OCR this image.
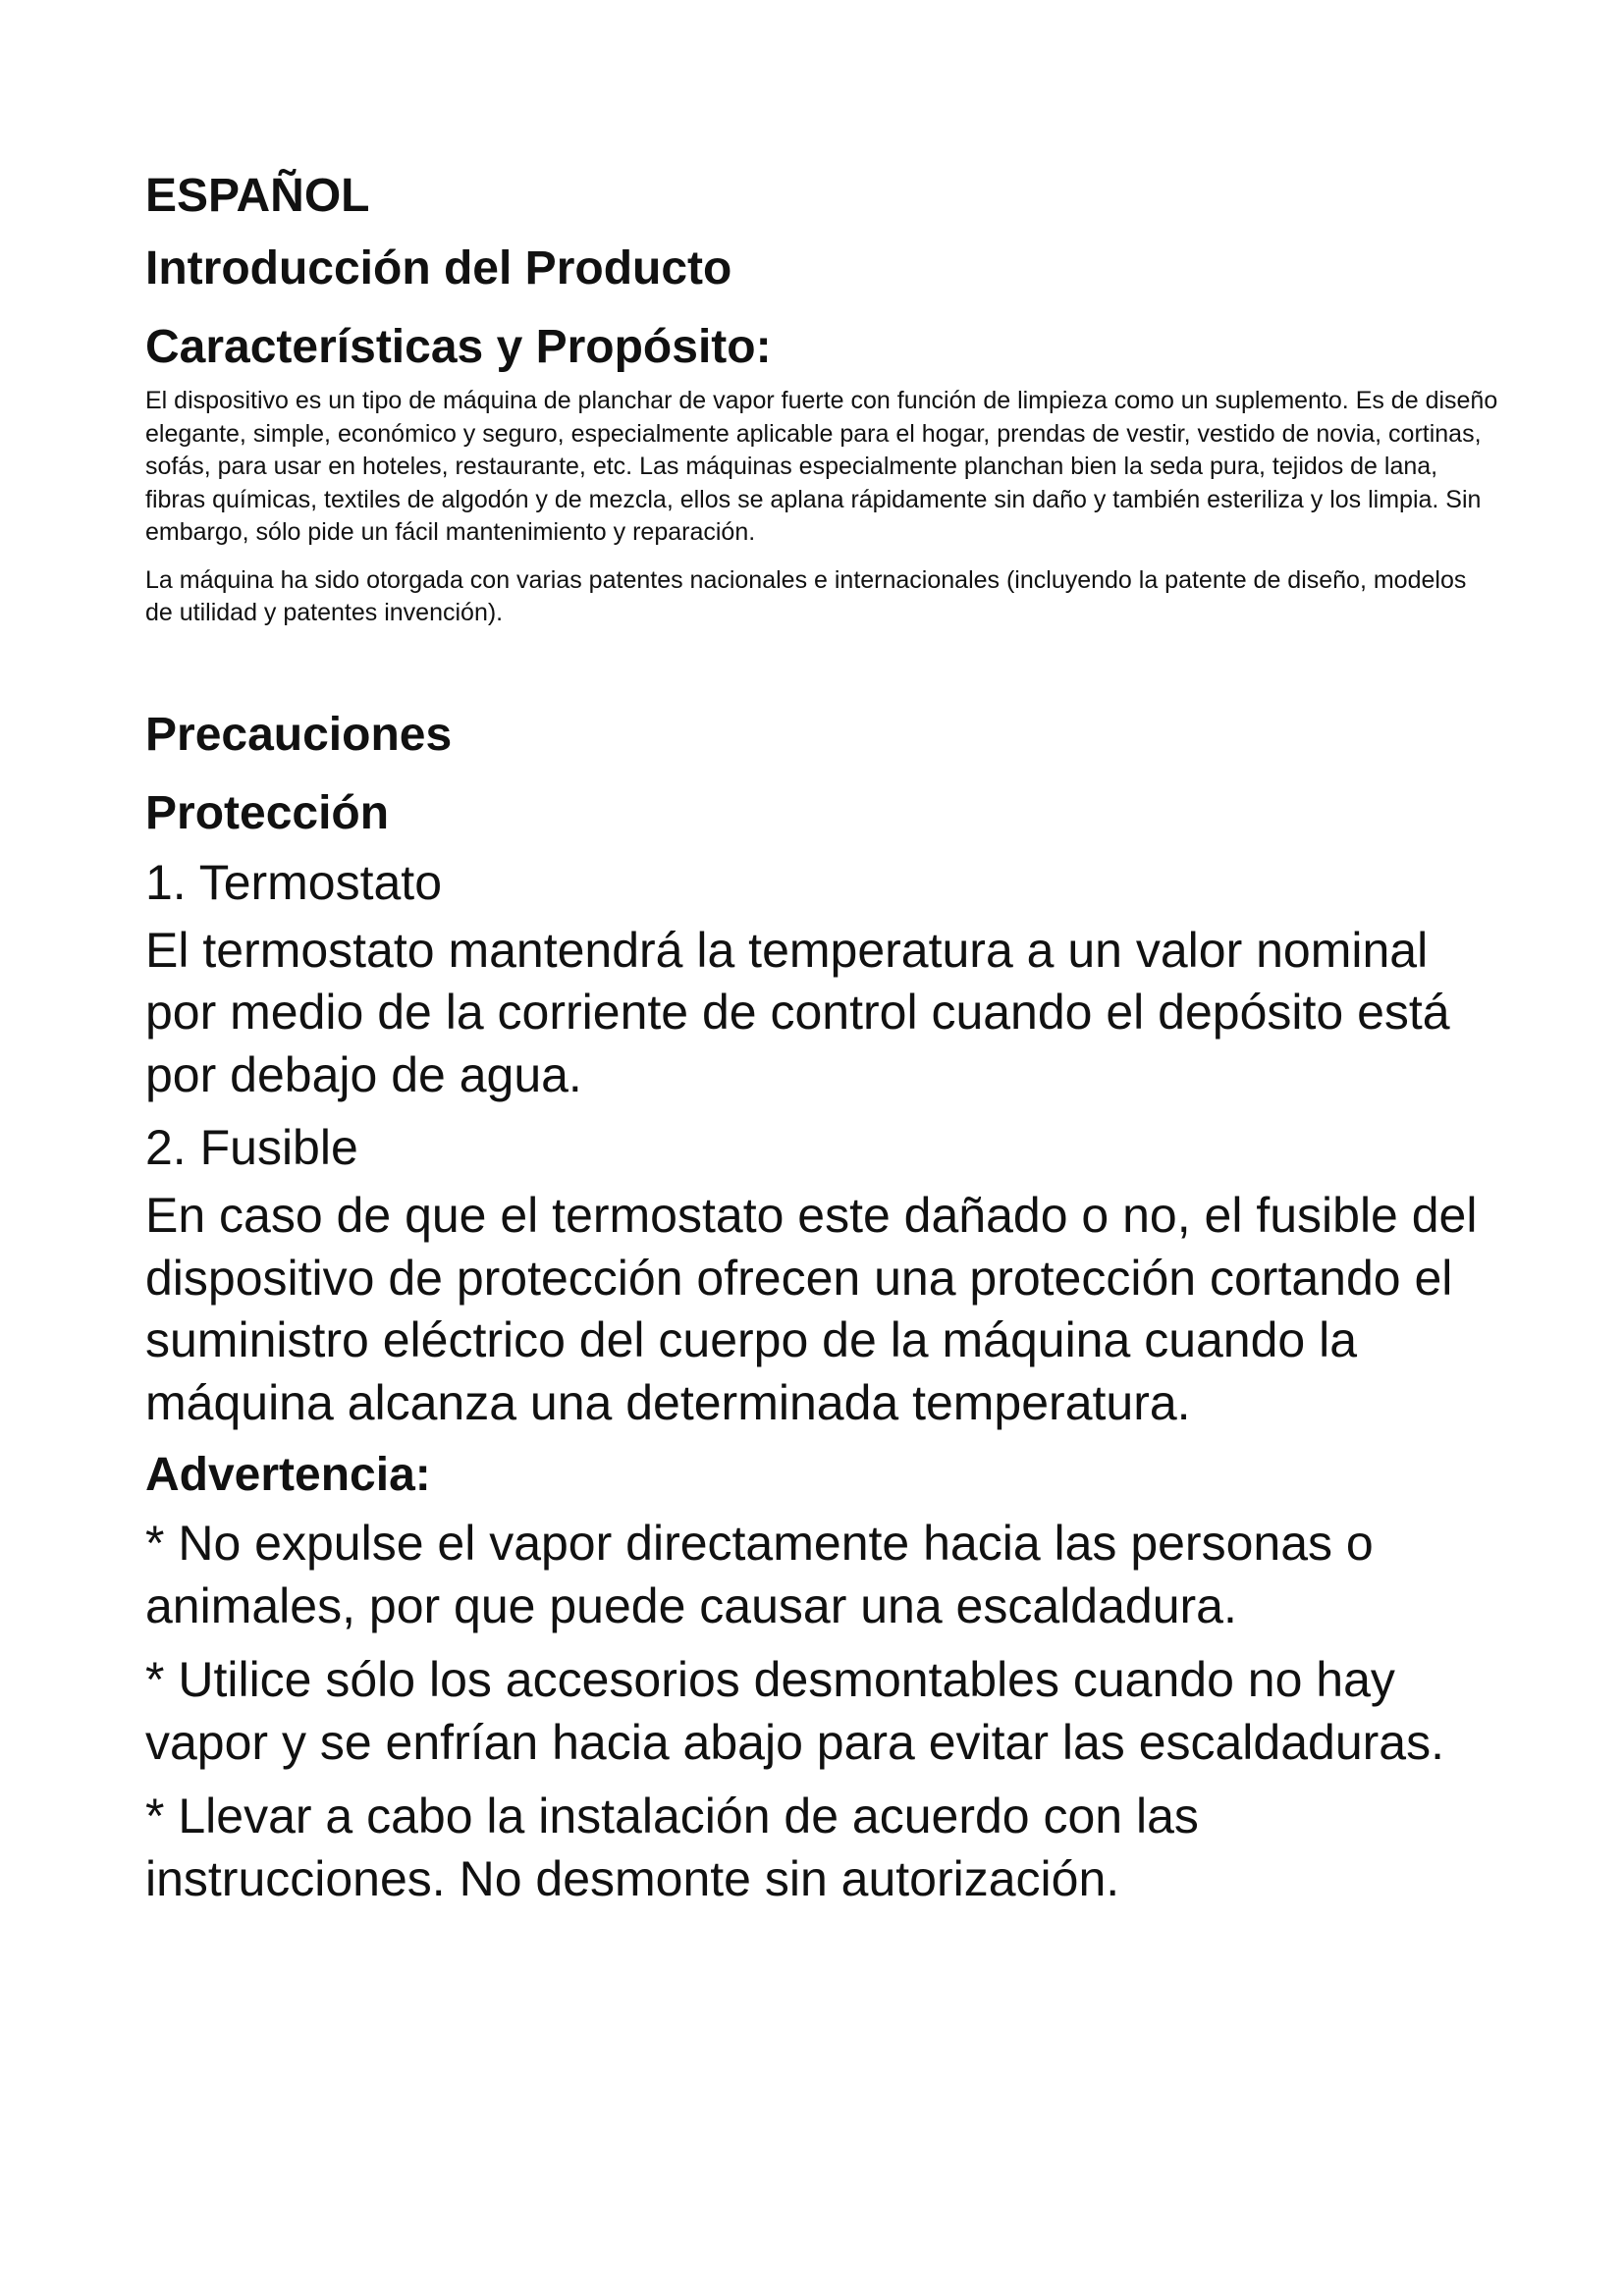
ESPAÑOL
Introducción del Producto
Características y Propósito:

El dispositivo es un tipo de máquina de planchar de vapor fuerte con función de limpieza como un suplemento. Es de diseño elegante, simple, económico y seguro, especialmente aplicable para el hogar, prendas de vestir, vestido de novia, cortinas, sofás, para usar en hoteles, restaurante, etc. Las máquinas especialmente planchan bien la seda pura, tejidos de lana, fibras químicas, textiles de algodón y de mezcla, ellos se aplana rápidamente sin daño y también esteriliza y los limpia. Sin embargo, sólo pide un fácil mantenimiento y reparación.

La máquina ha sido otorgada con varias patentes nacionales e internacionales (incluyendo la patente de diseño, modelos de utilidad y patentes invención).

Precauciones
Protección
1. Termostato

El termostato mantendrá la temperatura a un valor nominal por medio de la corriente de control cuando el depósito está por debajo de agua.

2. Fusible

En caso de que el termostato este dañado o no, el fusible del dispositivo de protección ofrecen una protección cortando el suministro eléctrico del cuerpo de la máquina cuando la máquina alcanza una determinada temperatura.

Advertencia:

* No expulse el vapor directamente hacia las personas o animales, por que puede causar una escaldadura.

* Utilice sólo los accesorios desmontables cuando no hay vapor y se enfrían hacia abajo para evitar las escaldaduras.

* Llevar a cabo la instalación de acuerdo con las instrucciones. No desmonte sin autorización.
